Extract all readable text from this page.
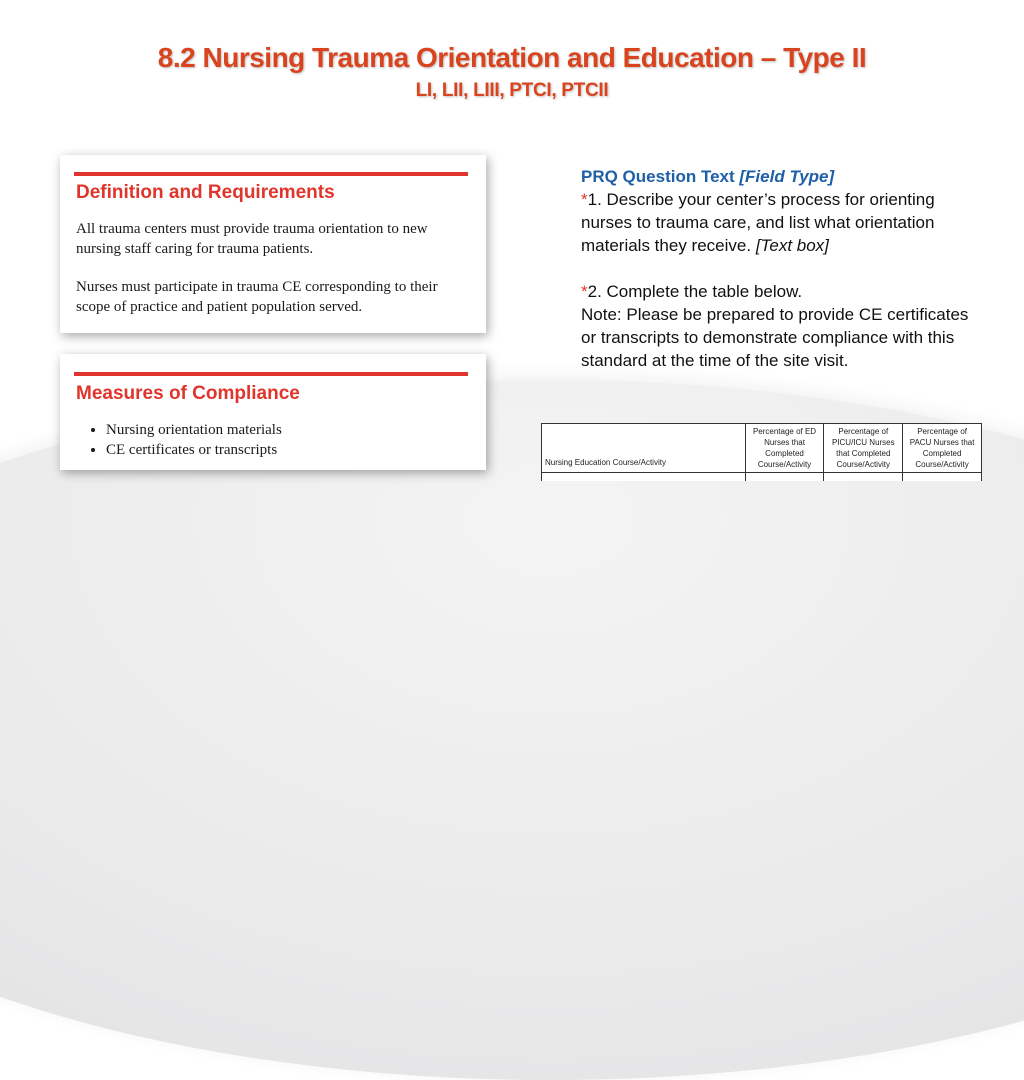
8.2 Nursing Trauma Orientation and Education – Type II
LI, LII, LIII, PTCI, PTCII
Definition and Requirements

All trauma centers must provide trauma orientation to new nursing staff caring for trauma patients.

Nurses must participate in trauma CE corresponding to their scope of practice and patient population served.

Measures of Compliance
• Nursing orientation materials
• CE certificates or transcripts
PRQ Question Text [Field Type]
*1. Describe your center’s process for orienting nurses to trauma care, and list what orientation materials they receive. [Text box]
*2. Complete the table below.
Note: Please be prepared to provide CE certificates or transcripts to demonstrate compliance with this standard at the time of the site visit.
Nursing Education Course/Activity	Percentage of ED Nurses that Completed Course/Activity	Percentage of PICU/ICU Nurses that Completed Course/Activity	Percentage of PACU Nurses that Completed Course/Activity
